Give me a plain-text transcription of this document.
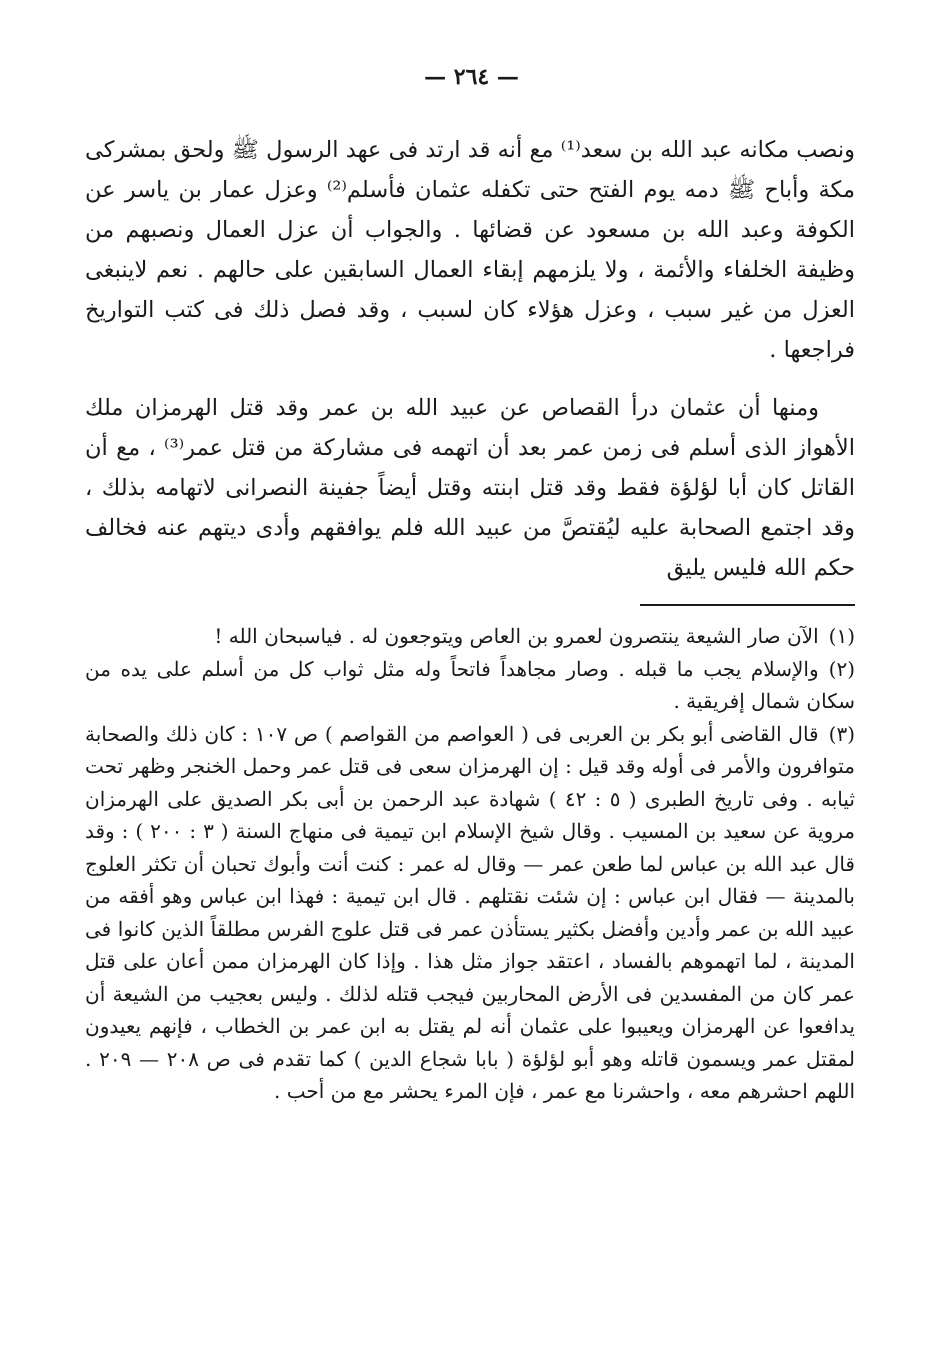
— ٢٦٤ —

ونصب مكانه عبد الله بن سعد⁽¹⁾ مع أنه قد ارتد فى عهد الرسول ﷺ ولحق بمشركى مكة وأباح ﷺ دمه يوم الفتح حتى تكفله عثمان فأسلم⁽²⁾ وعزل عمار بن ياسر عن الكوفة وعبد الله بن مسعود عن قضائها . والجواب أن عزل العمال ونصبهم من وظيفة الخلفاء والأئمة ، ولا يلزمهم إبقاء العمال السابقين على حالهم . نعم لاينبغى العزل من غير سبب ، وعزل هؤلاء كان لسبب ، وقد فصل ذلك فى كتب التواريخ فراجعها .

ومنها أن عثمان درأ القصاص عن عبيد الله بن عمر وقد قتل الهرمزان ملك الأهواز الذى أسلم فى زمن عمر بعد أن اتهمه فى مشاركة من قتل عمر⁽³⁾ ، مع أن القاتل كان أبا لؤلؤة فقط وقد قتل ابنته وقتل أيضاً جفينة النصرانى لاتهامه بذلك ، وقد اجتمع الصحابة عليه ليُقتصَّ من عبيد الله فلم يوافقهم وأدى ديتهم عنه فخالف حكم الله فليس يليق

(١)الآن صار الشيعة ينتصرون لعمرو بن العاص ويتوجعون له . فياسبحان الله !

(٢)والإسلام يجب ما قبله . وصار مجاهداً فاتحاً وله مثل ثواب كل من أسلم على يده من سكان شمال إفريقية .

(٣)قال القاضى أبو بكر بن العربى فى ( العواصم من القواصم ) ص ١٠٧ : كان ذلك والصحابة متوافرون والأمر فى أوله وقد قيل : إن الهرمزان سعى فى قتل عمر وحمل الخنجر وظهر تحت ثيابه . وفى تاريخ الطبرى ( ٥ : ٤٢ ) شهادة عبد الرحمن بن أبى بكر الصديق على الهرمزان مروية عن سعيد بن المسيب . وقال شيخ الإسلام ابن تيمية فى منهاج السنة ( ٣ : ٢٠٠ ) : وقد قال عبد الله بن عباس لما طعن عمر — وقال له عمر : كنت أنت وأبوك تحبان أن تكثر العلوج بالمدينة — فقال ابن عباس : إن شئت نقتلهم . قال ابن تيمية : فهذا ابن عباس وهو أفقه من عبيد الله بن عمر وأدين وأفضل بكثير يستأذن عمر فى قتل علوج الفرس مطلقاً الذين كانوا فى المدينة ، لما اتهموهم بالفساد ، اعتقد جواز مثل هذا . وإذا كان الهرمزان ممن أعان على قتل عمر كان من المفسدين فى الأرض المحاربين فيجب قتله لذلك . وليس بعجيب من الشيعة أن يدافعوا عن الهرمزان ويعيبوا على عثمان أنه لم يقتل به ابن عمر بن الخطاب ، فإنهم يعيدون لمقتل عمر ويسمون قاتله وهو أبو لؤلؤة ( بابا شجاع الدين ) كما تقدم فى ص ٢٠٨ — ٢٠٩ . اللهم احشرهم معه ، واحشرنا مع عمر ، فإن المرء يحشر مع من أحب .
